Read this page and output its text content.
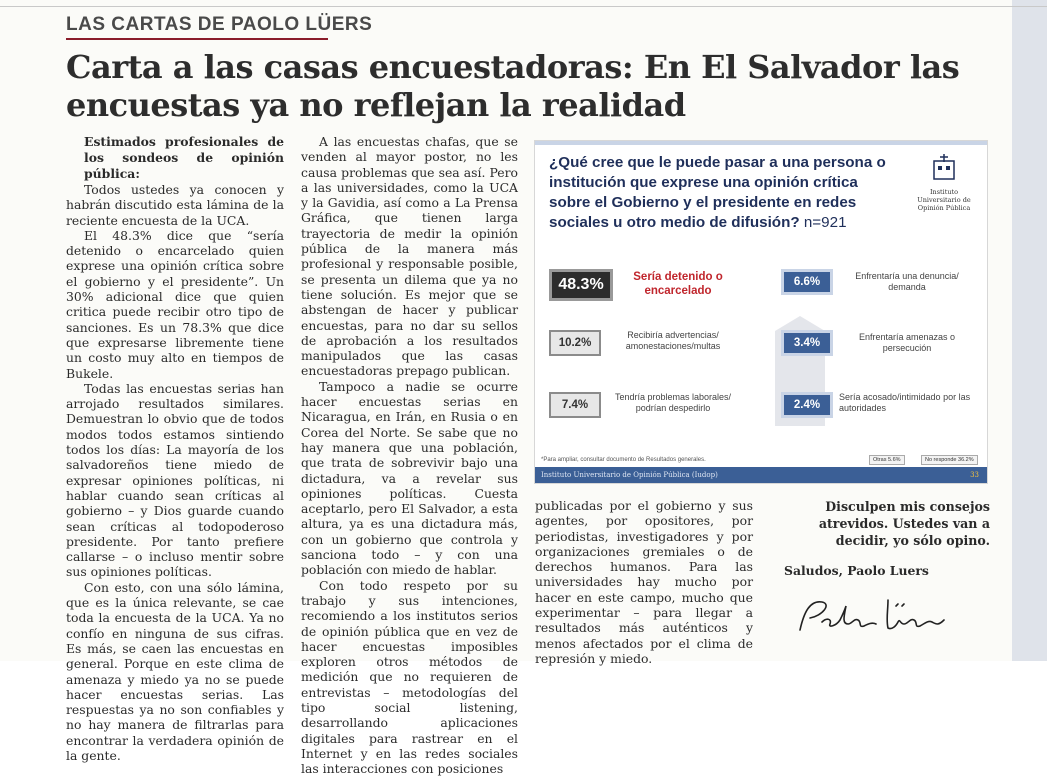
LAS CARTAS DE PAOLO LÜERS
Carta a las casas encuestadoras: En El Salvador las encuestas ya no reflejan la realidad

Estimados profesionales de los sondeos de opinión pública:

Todos ustedes ya conocen y habrán discutido esta lámina de la reciente encuesta de la UCA.

El 48.3% dice que “sería detenido o encarcelado quien exprese una opinión crítica sobre el gobierno y el presidente”. Un 30% adicional dice que quien critica puede recibir otro tipo de sanciones. Es un 78.3% que dice que expresarse libremente tiene un costo muy alto en tiempos de Bukele.

Todas las encuestas serias han arrojado resultados similares. Demuestran lo obvio que de todos modos todos estamos sintiendo todos los días: La mayoría de los salvadoreños tiene miedo de expresar opiniones políticas, ni hablar cuando sean críticas al gobierno – y Dios guarde cuando sean críticas al todopoderoso presidente. Por tanto prefiere callarse – o incluso mentir sobre sus opiniones políticas.

Con esto, con una sólo lámina, que es la única relevante, se cae toda la encuesta de la UCA. Ya no confío en ninguna de sus cifras. Es más, se caen las encuestas en general. Porque en este clima de amenaza y miedo ya no se puede hacer encuestas serias. Las respuestas ya no son confiables y no hay manera de filtrarlas para encontrar la verdadera opinión de la gente.

A las encuestas chafas, que se venden al mayor postor, no les causa problemas que sea así. Pero a las universidades, como la UCA y la Gavidia, así como a La Prensa Gráfica, que tienen larga trayectoria de medir la opinión pública de la manera más profesional y responsable posible, se presenta un dilema que ya no tiene solución. Es mejor que se abstengan de hacer y publicar encuestas, para no dar su sellos de aprobación a los resultados manipulados que las casas encuestadoras prepago publican.

Tampoco a nadie se ocurre hacer encuestas serias en Nicaragua, en Irán, en Rusia o en Corea del Norte. Se sabe que no hay manera que una población, que trata de sobrevivir bajo una dictadura, va a revelar sus opiniones políticas. Cuesta aceptarlo, pero El Salvador, a esta altura, ya es una dictadura más, con un gobierno que controla y sanciona todo – y con una población con miedo de hablar.

Con todo respeto por su trabajo y sus intenciones, recomiendo a los institutos serios de opinión pública que en vez de hacer encuestas imposibles exploren otros métodos de medición que no requieren de entrevistas – metodologías del tipo social listening, desarrollando aplicaciones digitales para rastrear en el Internet y en las redes sociales las interacciones con posiciones

publicadas por el gobierno y sus agentes, por opositores, por periodistas, investigadores y por organizaciones gremiales o de derechos humanos. Para las universidades hay mucho por hacer en este campo, mucho que experimentar – para llegar a resultados más auténticos y menos afectados por el clima de represión y miedo.

Disculpen mis consejos atrevidos. Ustedes van a decidir, yo sólo opino.
Saludos, Paolo Luers
¿Qué cree que le puede pasar a una persona o institución que exprese una opinión crítica sobre el Gobierno y el presidente en redes sociales u otro medio de difusión? n=921
Instituto Universitario de Opinión Pública
48.3%	Sería detenido o encarcelado
6.6%	Enfrentaría una denuncia/ demanda
10.2%
Recibiría advertencias/ amonestaciones/multas	3.4%	Enfrentaría amenazas o persecución
7.4%
Tendría problemas laborales/ podrían despedirlo	2.4%
Sería acosado/intimidado por las autoridades
*Para ampliar, consultar documento de Resultados generales.	Otras 5.6%	No responde 36.2%
Instituto Universitario de Opinión Pública (Iudop)	33
